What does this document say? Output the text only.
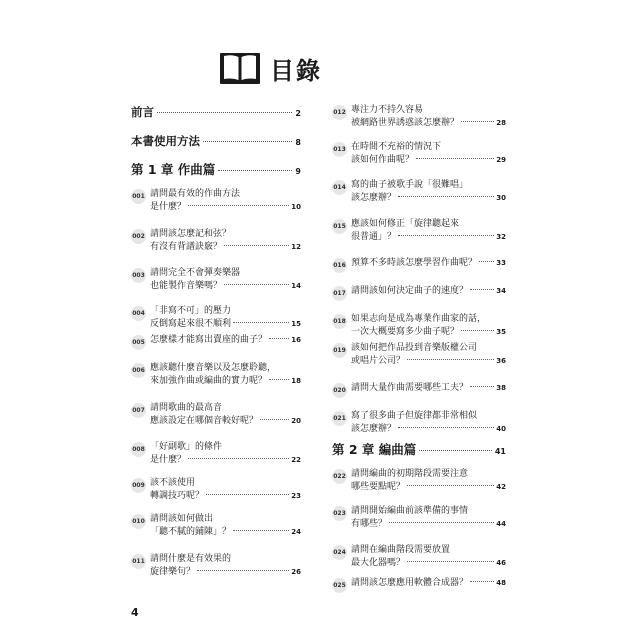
目錄
前言	2
本書使用方法	8
第 1 章 作曲篇	9
001 請問最有效的作曲方法
是什麼？	10
002 請問該怎麼記和弦？
有沒有背譜訣竅？	12
003 請問完全不會彈奏樂器
也能製作音樂嗎？	14
004 「非寫不可」的壓力
反倒寫起來很不順利	15
005 怎麼樣才能寫出賣座的曲子？	16
006 應該聽什麼音樂以及怎麼聆聽，
來加強作曲或編曲的實力呢？	18
007 請問歌曲的最高音
應該設定在哪個音較好呢？	20
008 「好副歌」的條件
是什麼？	22
009 該不該使用
轉調技巧呢？	23
010 請問該如何做出
「聽不膩的鋪陳」？	24
011 請問什麼是有效果的
旋律樂句？	26
012 專注力不持久容易
被網路世界誘惑該怎麼辦？	28
013 在時間不充裕的情況下
該如何作曲呢？	29
014 寫的曲子被歌手說「很難唱」
該怎麼辦？	30
015 應該如何修正「旋律聽起來
很普通」？	32
016 預算不多時該怎麼學習作曲呢？	33
017 請問該如何決定曲子的速度？	34
018 如果志向是成為專業作曲家的話，
一次大概要寫多少曲子呢？	35
019 該如何把作品投到音樂版權公司
或唱片公司？	36
020 請問大量作曲需要哪些工夫？	38
021 寫了很多曲子但旋律都非常相似
該怎麼辦？	40
第 2 章 編曲篇	41
022 請問編曲的初期階段需要注意
哪些要點呢？	42
023 請問開始編曲前該準備的事情
有哪些？	44
024 請問在編曲階段需要放置
最大化器嗎？	46
025 請問該怎麼應用軟體合成器？	48
4
